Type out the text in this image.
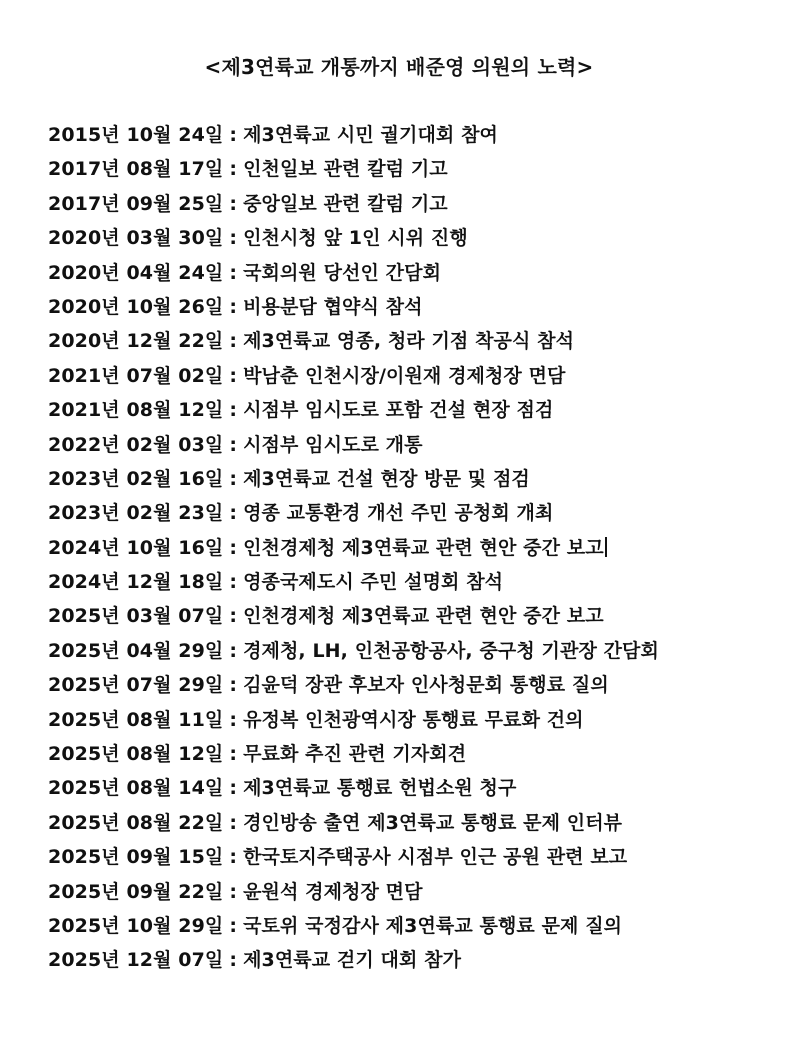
<제3연륙교 개통까지 배준영 의원의 노력>
2015년 10월 24일 : 제3연륙교 시민 궐기대회 참여
2017년 08월 17일 : 인천일보 관련 칼럼 기고
2017년 09월 25일 : 중앙일보 관련 칼럼 기고
2020년 03월 30일 : 인천시청 앞 1인 시위 진행
2020년 04월 24일 : 국회의원 당선인 간담회
2020년 10월 26일 : 비용분담 협약식 참석
2020년 12월 22일 : 제3연륙교 영종, 청라 기점 착공식 참석
2021년 07월 02일 : 박남춘 인천시장/이원재 경제청장 면담
2021년 08월 12일 : 시점부 임시도로 포함 건설 현장 점검
2022년 02월 03일 : 시점부 임시도로 개통
2023년 02월 16일 : 제3연륙교 건설 현장 방문 및 점검
2023년 02월 23일 : 영종 교통환경 개선 주민 공청회 개최
2024년 10월 16일 : 인천경제청 제3연륙교 관련 현안 중간 보고
2024년 12월 18일 : 영종국제도시 주민 설명회 참석
2025년 03월 07일 : 인천경제청 제3연륙교 관련 현안 중간 보고
2025년 04월 29일 : 경제청, LH, 인천공항공사, 중구청 기관장 간담회
2025년 07월 29일 : 김윤덕 장관 후보자 인사청문회 통행료 질의
2025년 08월 11일 : 유정복 인천광역시장 통행료 무료화 건의
2025년 08월 12일 : 무료화 추진 관련 기자회견
2025년 08월 14일 : 제3연륙교 통행료 헌법소원 청구
2025년 08월 22일 : 경인방송 출연 제3연륙교 통행료 문제 인터뷰
2025년 09월 15일 : 한국토지주택공사 시점부 인근 공원 관련 보고
2025년 09월 22일 : 윤원석 경제청장 면담
2025년 10월 29일 : 국토위 국정감사 제3연륙교 통행료 문제 질의
2025년 12월 07일 : 제3연륙교 걷기 대회 참가
